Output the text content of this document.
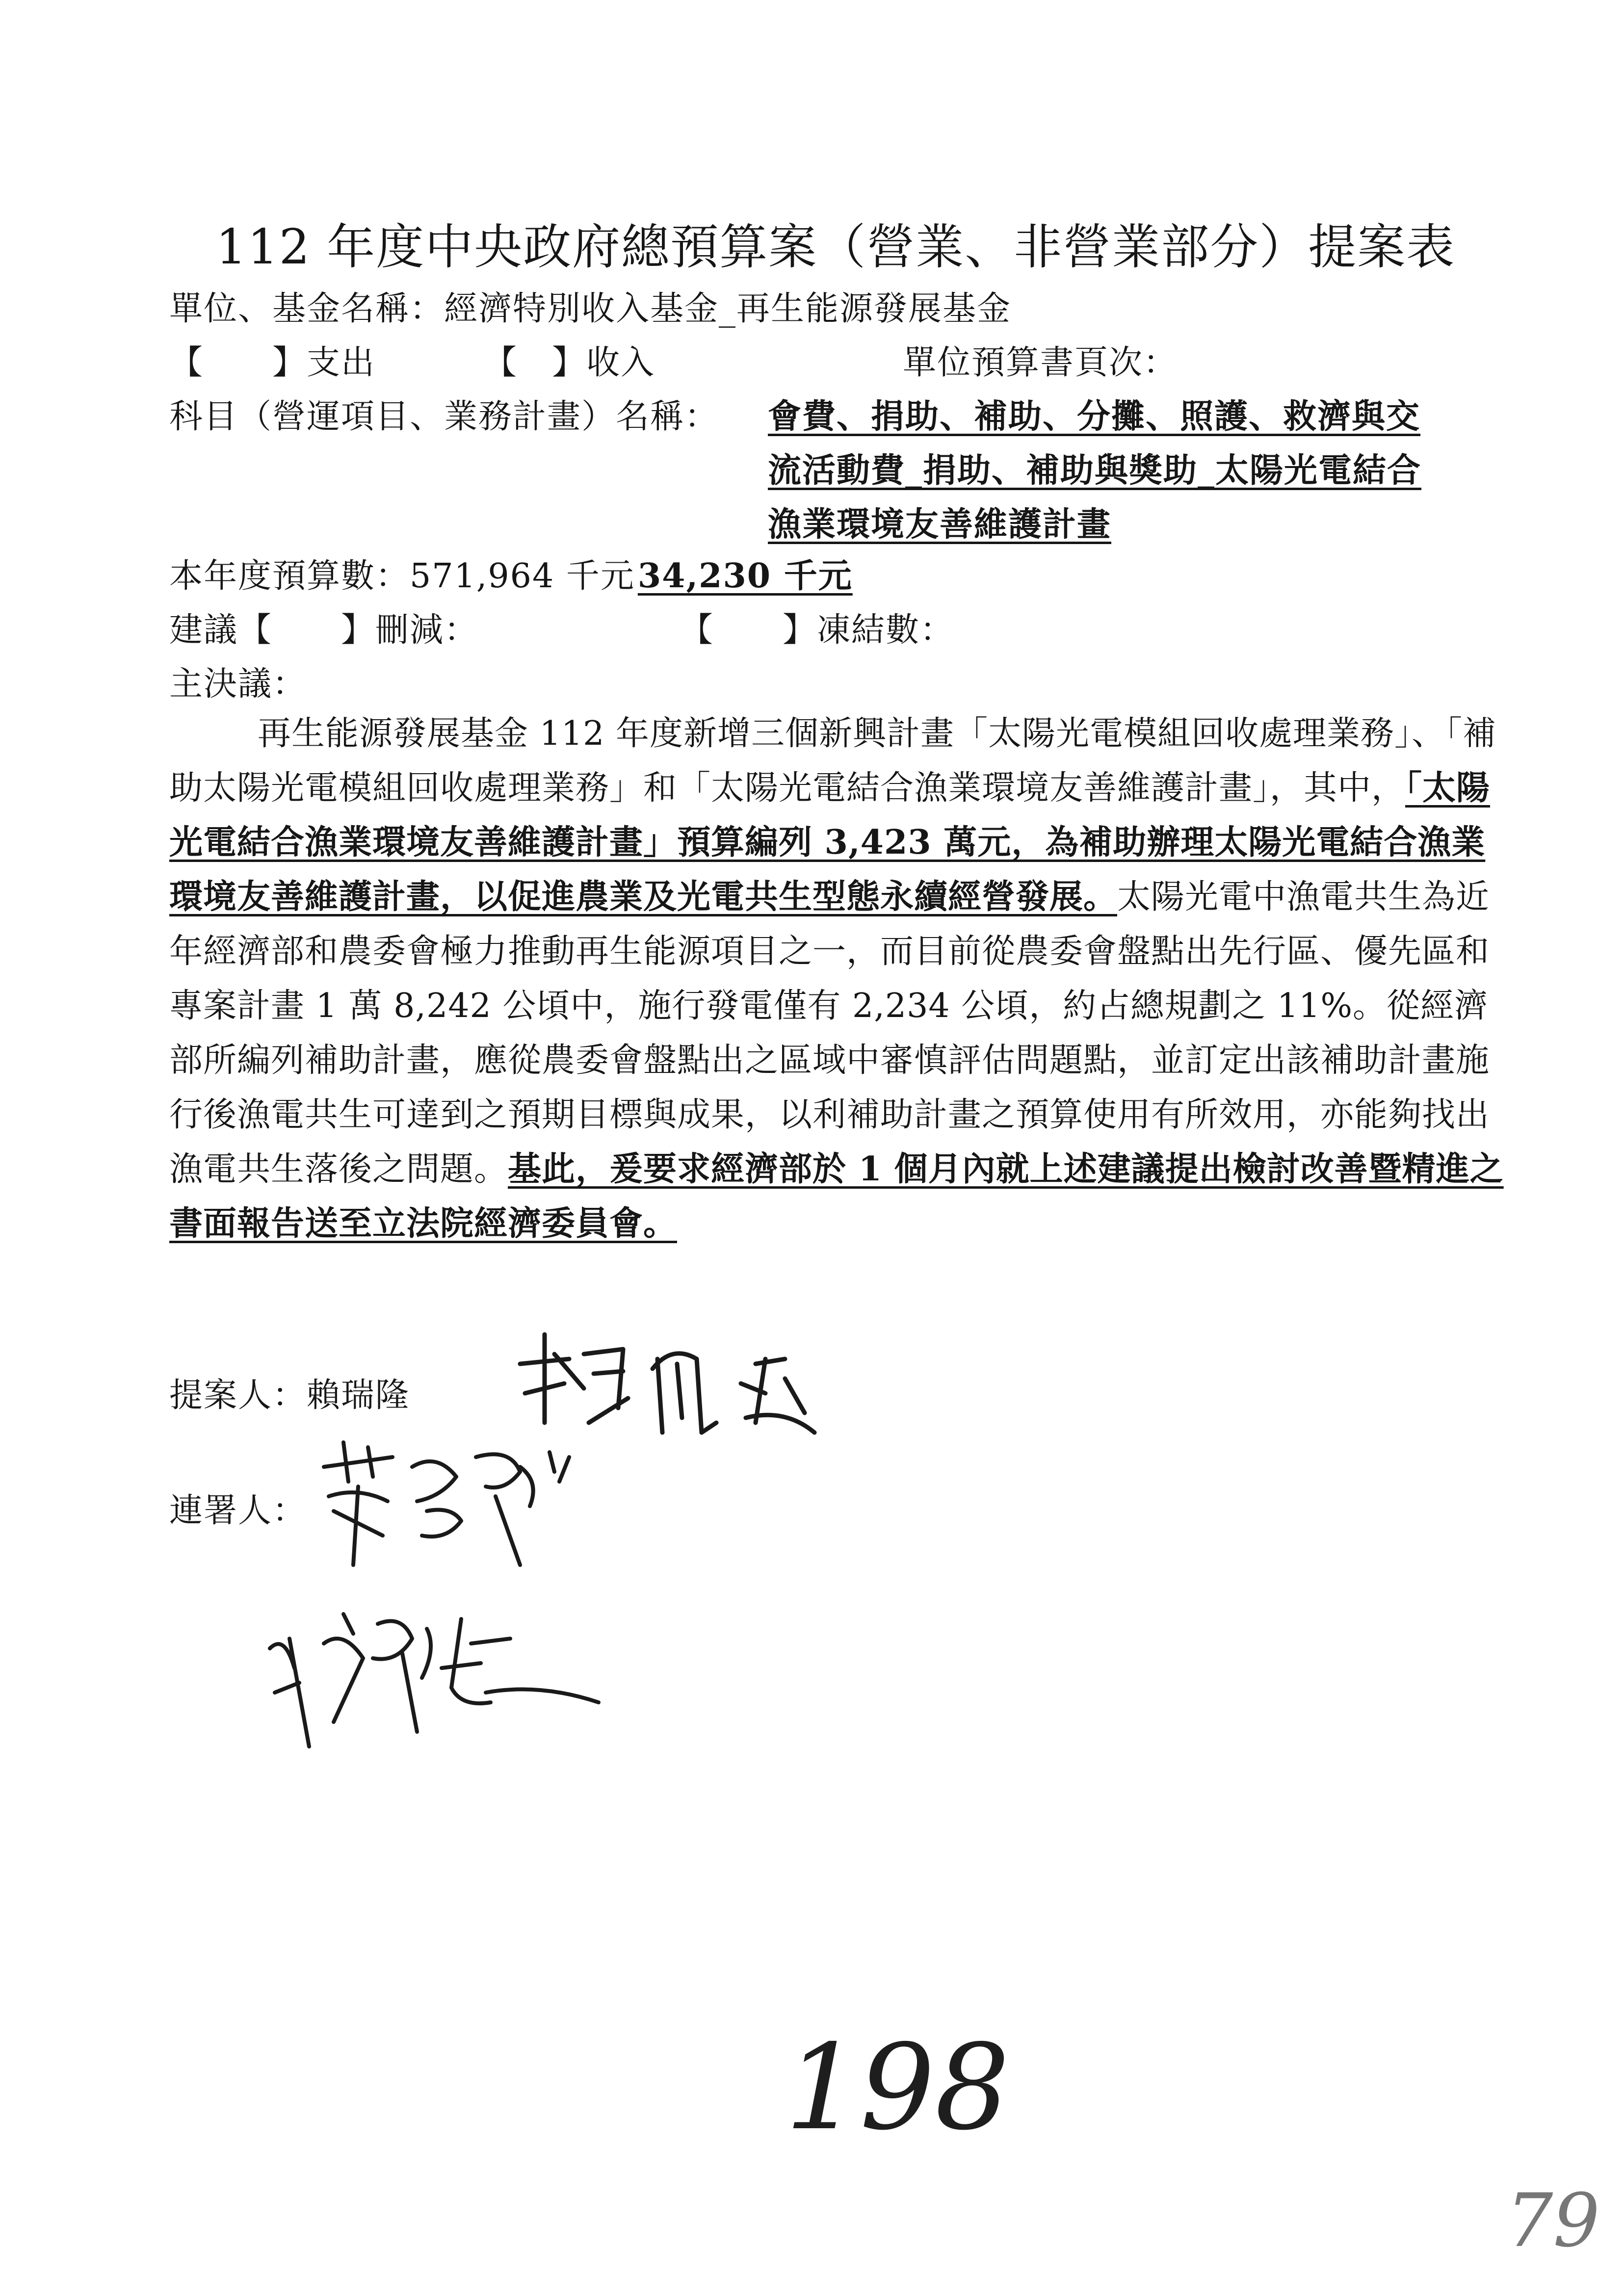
112 年度中央政府總預算案（營業、非營業部分）提案表
單位、基金名稱：經濟特別收入基金_再生能源發展基金
【　　】支出	【　】收入	單位預算書頁次：
科目（營運項目、業務計畫）名稱： 會費、捐助、補助、分攤、照護、救濟與交
流活動費_捐助、補助與獎助_太陽光電結合
漁業環境友善維護計畫
本年度預算數：571,964 千元34,230 千元
建議【　　】刪減：	【　　】凍結數：
主決議：
再生能源發展基金 112 年度新增三個新興計畫「太陽光電模組回收處理業務」、「補助太陽光電模組回收處理業務」和「太陽光電結合漁業環境友善維護計畫」，其中，「太陽光電結合漁業環境友善維護計畫」預算編列 3,423 萬元，為補助辦理太陽光電結合漁業環境友善維護計畫，以促進農業及光電共生型態永續經營發展。太陽光電中漁電共生為近年經濟部和農委會極力推動再生能源項目之一，而目前從農委會盤點出先行區、優先區和專案計畫 1 萬 8,242 公頃中，施行發電僅有 2,234 公頃，約占總規劃之 11%。從經濟部所編列補助計畫，應從農委會盤點出之區域中審慎評估問題點，並訂定出該補助計畫施行後漁電共生可達到之預期目標與成果，以利補助計畫之預算使用有所效用，亦能夠找出漁電共生落後之問題。基此，爰要求經濟部於 1 個月內就上述建議提出檢討改善暨精進之書面報告送至立法院經濟委員會。
提案人：賴瑞隆
連署人：
198
79
